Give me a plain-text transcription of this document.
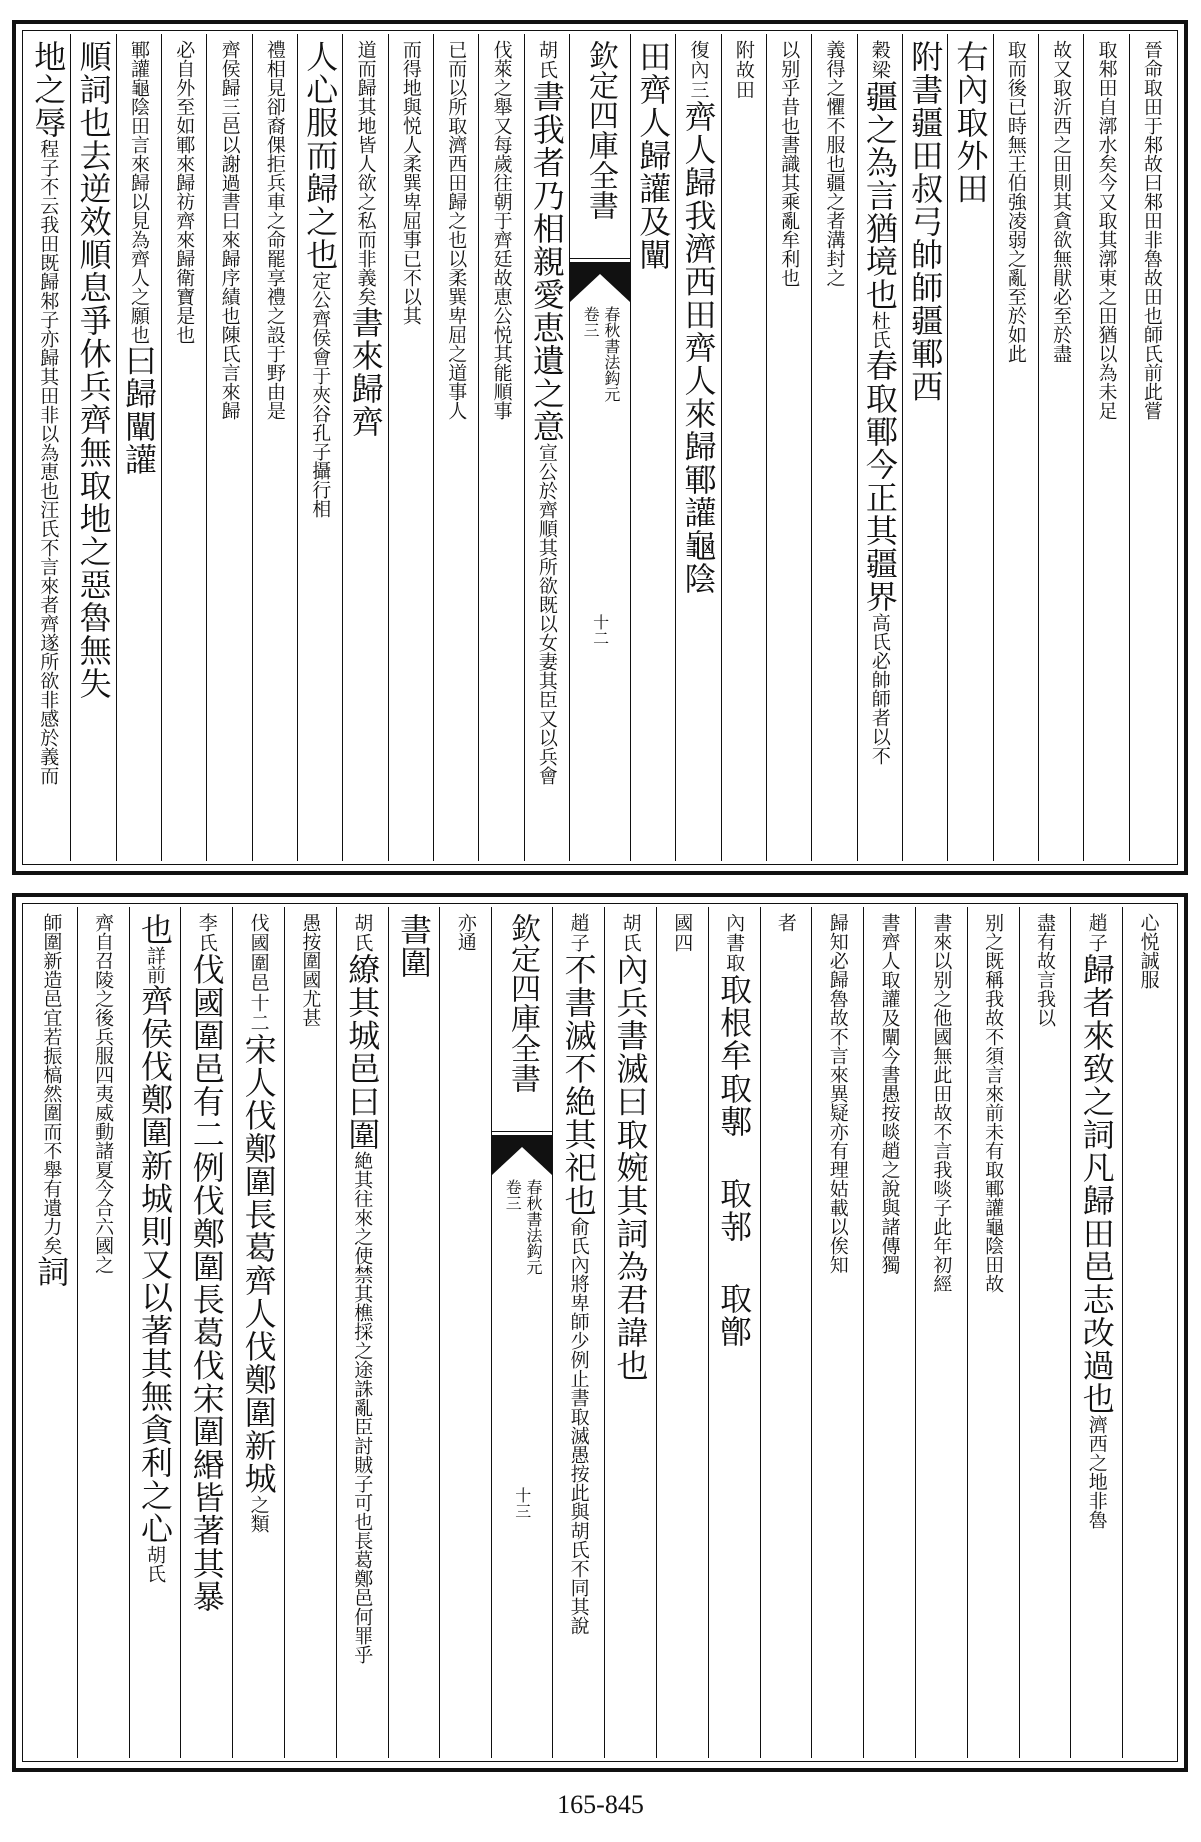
晉命取田于邾故曰邾田非魯故田也師氏前此嘗
取邾田自漷水矣今又取其漷東之田猶以為未足
故又取沂西之田則其貪欲無猒必至於盡
取而後已時無王伯強凌弱之亂至於如此
右內取外田
附書疆田叔弓帥師疆鄆西
穀梁疆之為言猶境也杜氏春取鄆今正其疆界高氏必帥師者以不
義得之懼不服也疆之者溝封之
以别乎昔也書識其乘亂牟利也
附故田
復內三齊人歸我濟西田齊人來歸鄆讙龜陰
田齊人歸讙及闡
欽定四庫全書
春秋書法鈎元
卷三
十二
胡氏書我者乃相親愛恵遺之意宣公於齊順其所欲既以女妻其臣又以兵會
伐萊之舉又每歲往朝于齊廷故恵公悦其能順事
已而以所取濟西田歸之也以柔巽卑屈之道事人
而得地與悦人柔巽卑屈事已不以其
道而歸其地皆人欲之私而非義矣書來歸齊
人心服而歸之也定公齊侯會于夾谷孔子攝行相
禮相見卻裔倮拒兵車之命罷享禮之設于野由是
齊侯歸三邑以謝過書曰來歸序績也陳氏言來歸
必自外至如鄆來歸祊齊來歸衛寶是也
鄆讙龜陰田言來歸以見為齊人之願也曰歸闡讙
順詞也去逆效順息爭休兵齊無取地之惡魯無失
地之辱程子不云我田既歸邾子亦歸其田非以為恵也汪氏不言來者齊遂所欲非感於義而
心悦誠服
趙子歸者來致之詞凡歸田邑志改過也濟西之地非魯
盡有故言我以
别之既稱我故不須言來前未有取鄆讙龜陰田故
書來以别之他國無此田故不言我啖子此年初經
書齊人取讙及闡今書愚按啖趙之說與諸傳獨
歸知必歸魯故不言來異疑亦有理姑載以俟知
者
內書取取根牟取鄟 取邿 取鄫
國四
胡氏內兵書滅曰取婉其詞為君諱也
趙子不書滅不絶其祀也俞氏內將卑師少例止書取滅愚按此與胡氏不同其說
欽定四庫全書
春秋書法鈎元
卷三
十三
亦通
書圍
胡氏繚其城邑曰圍絶其往來之使禁其樵採之途誅亂臣討賊子可也長葛鄭邑何罪乎
愚按圍國尤甚
伐國圍邑十二宋人伐鄭圍長葛齊人伐鄭圍新城之類
李氏伐國圍邑有二例伐鄭圍長葛伐宋圍緡皆著其暴
也詳前齊侯伐鄭圍新城則又以著其無貪利之心胡氏
齊自召陵之後兵服四夷威動諸夏今合六國之
師圍新造邑宜若振槁然圍而不舉有遺力矣詞
165-845
